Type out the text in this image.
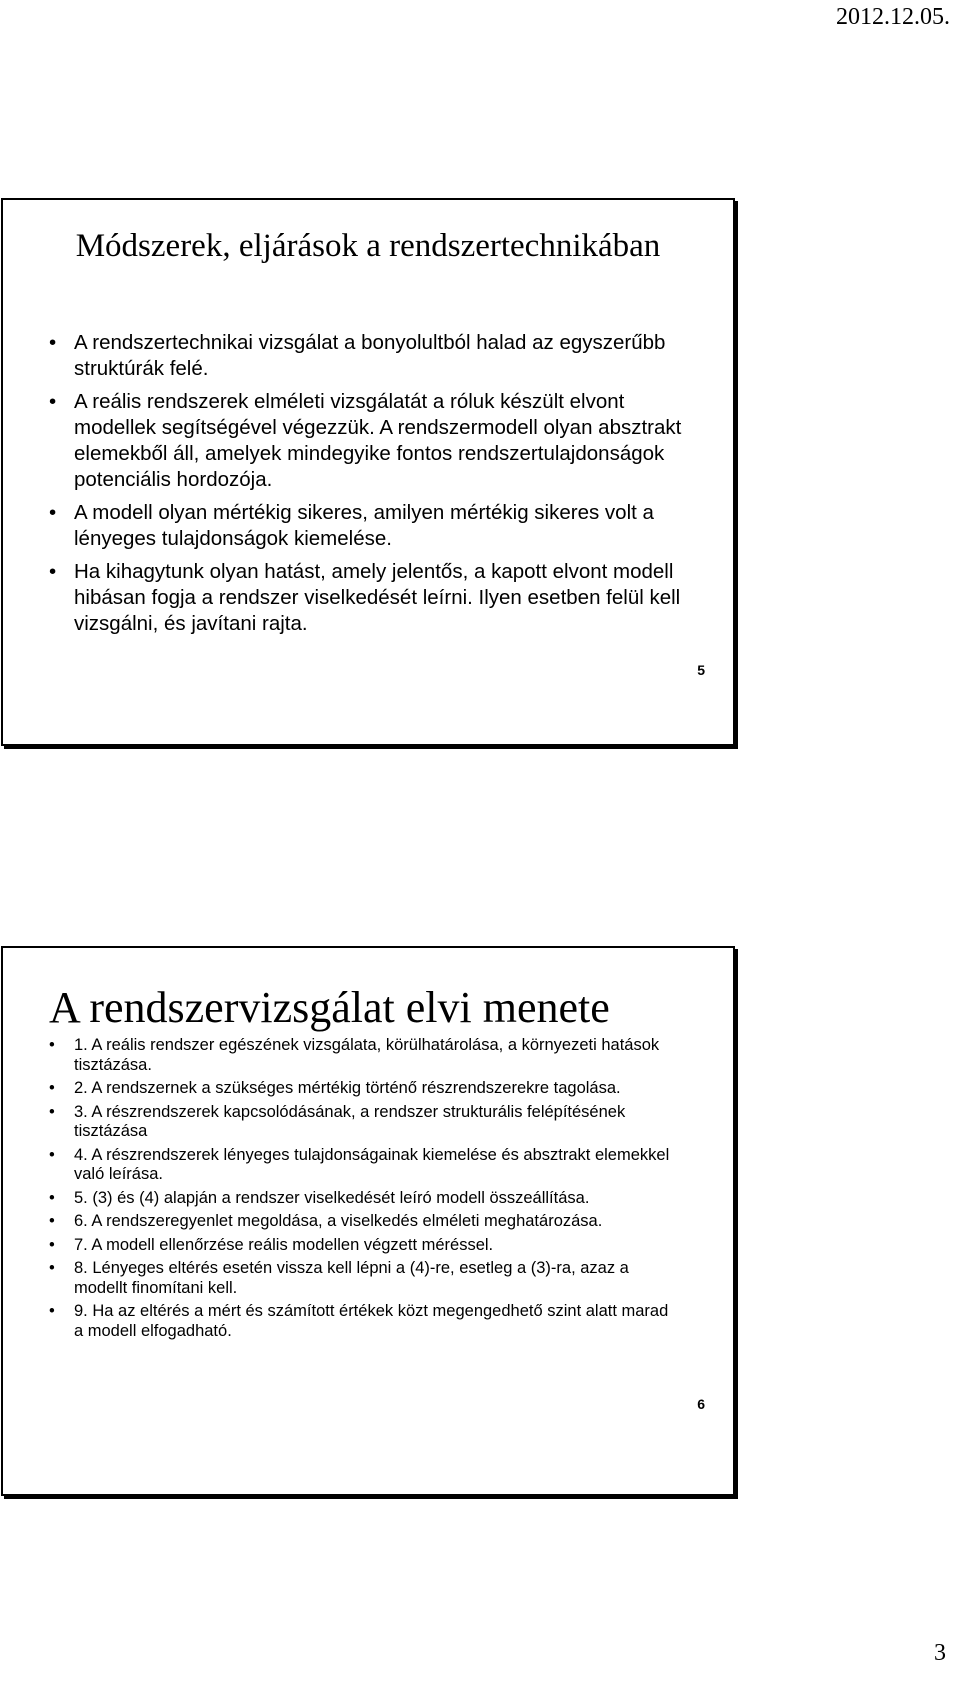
2012.12.05.
Módszerek, eljárások a rendszertechnikában
• A rendszertechnikai vizsgálat a bonyolultból halad az egyszerűbb struktúrák felé.
• A reális rendszerek elméleti vizsgálatát a róluk készült elvont modellek segítségével végezzük. A rendszermodell olyan absztrakt elemekből áll, amelyek mindegyike fontos rendszertulajdonságok potenciális hordozója.
• A modell olyan mértékig sikeres, amilyen mértékig sikeres volt a lényeges tulajdonságok kiemelése.
• Ha kihagytunk olyan hatást, amely jelentős, a kapott elvont modell hibásan fogja a rendszer viselkedését leírni. Ilyen esetben felül kell vizsgálni, és javítani rajta.
5
A rendszervizsgálat elvi menete
• 1. A reális rendszer egészének vizsgálata, körülhatárolása, a környezeti hatások tisztázása.
• 2. A rendszernek a szükséges mértékig történő részrendszerekre tagolása.
• 3. A részrendszerek kapcsolódásának, a rendszer strukturális felépítésének tisztázása
• 4. A részrendszerek lényeges tulajdonságainak kiemelése és absztrakt elemekkel való leírása.
• 5. (3) és (4) alapján a rendszer viselkedését leíró modell összeállítása.
• 6. A rendszeregyenlet megoldása, a viselkedés elméleti meghatározása.
• 7. A modell ellenőrzése reális modellen végzett méréssel.
• 8. Lényeges eltérés esetén vissza kell lépni a (4)-re, esetleg a (3)-ra, azaz a modellt finomítani kell.
• 9. Ha az eltérés a mért és számított értékek közt megengedhető szint alatt marad a modell elfogadható.
6
3
